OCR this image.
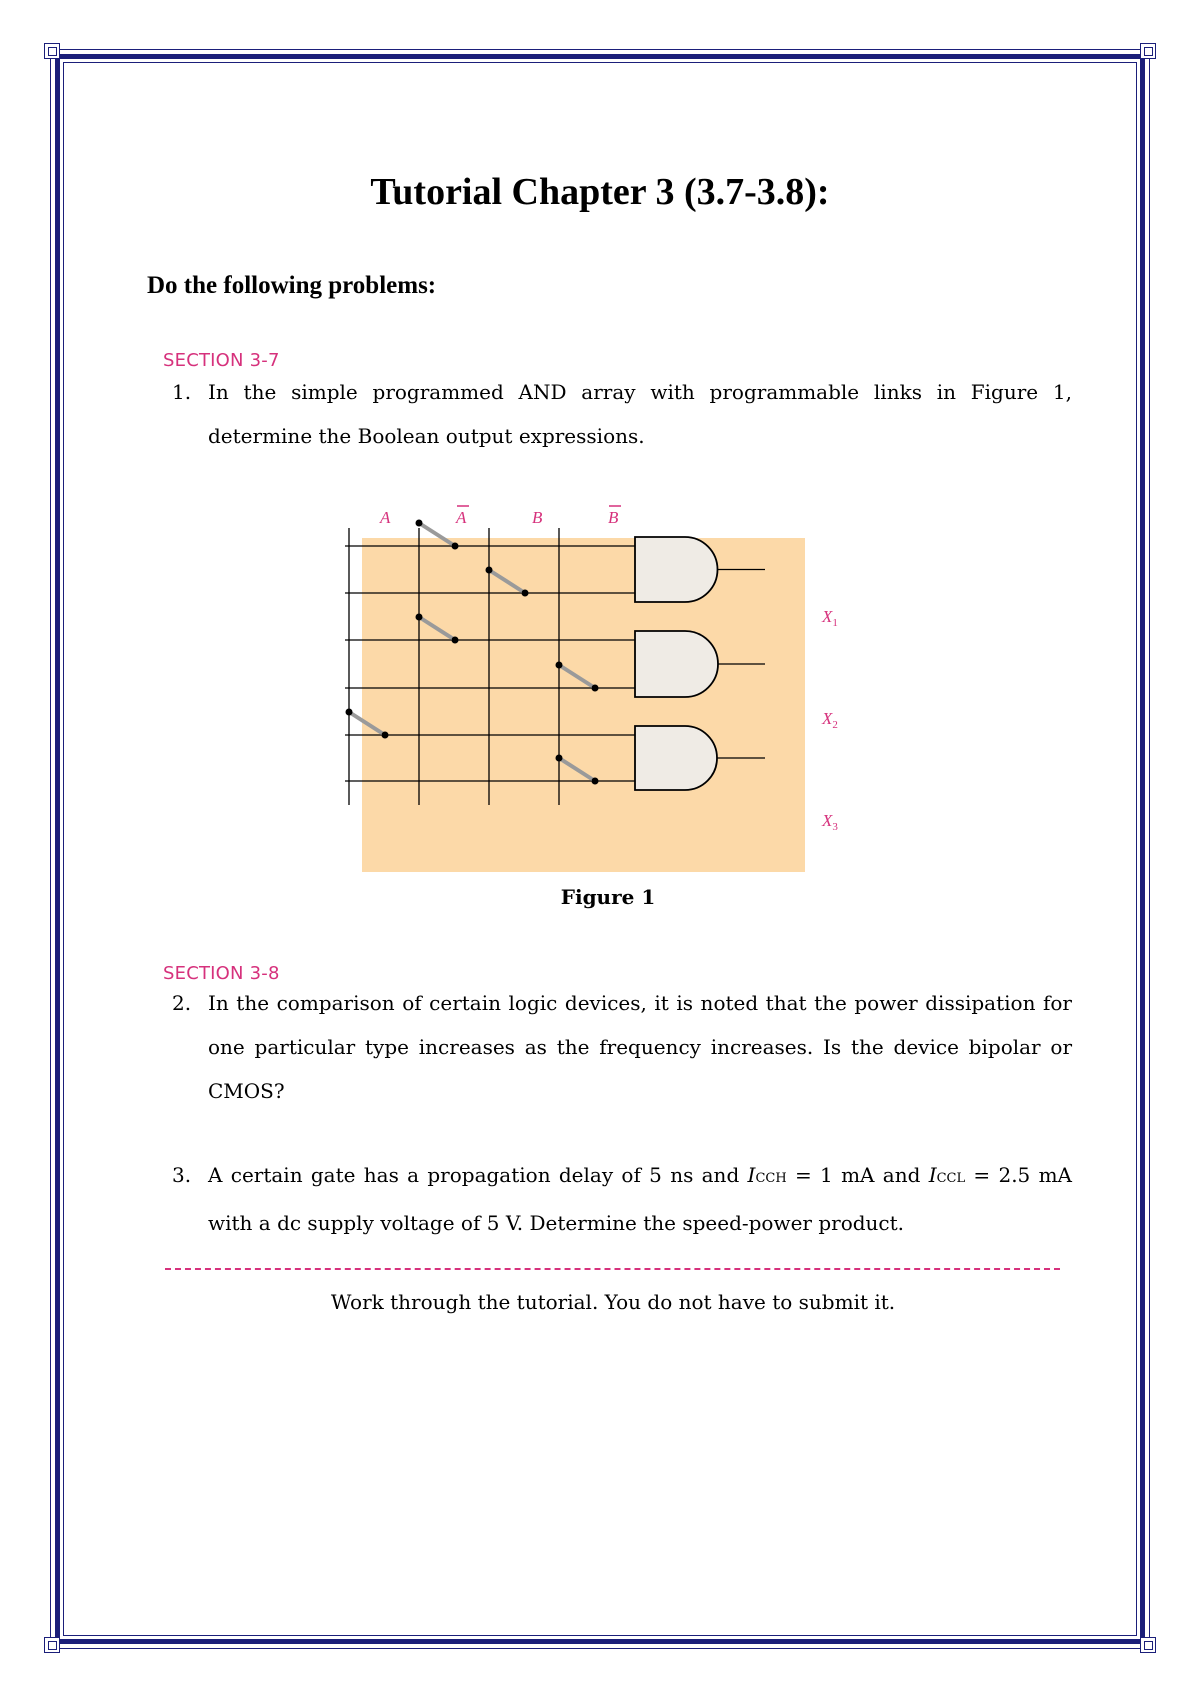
Tutorial Chapter 3 (3.7-3.8):
Do the following problems:
SECTION 3-7
1. In the simple programmed AND array with programmable links in Figure 1,
determine the Boolean output expressions.
A	A	B	B
$X_1$
$X_2$
$X_3$
Figure 1
SECTION 3-8
2. In the comparison of certain logic devices, it is noted that the power dissipation for
one particular type increases as the frequency increases. Is the device bipolar or
CMOS?
3. A certain gate has a propagation delay of 5 ns and ICCH = 1 mA and ICCL = 2.5 mA
with a dc supply voltage of 5 V. Determine the speed-power product.
Work through the tutorial. You do not have to submit it.
